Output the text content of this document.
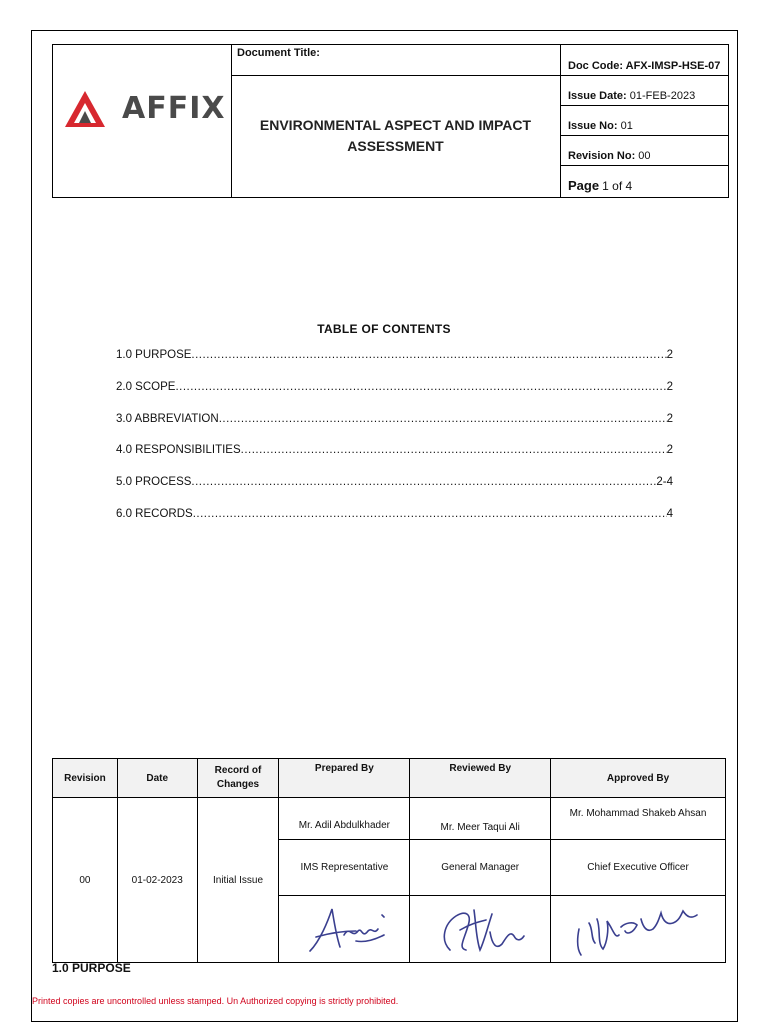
AFFIX
Document Title:
ENVIRONMENTAL ASPECT AND IMPACT
ASSESSMENT
Doc Code: AFX-IMSP-HSE-07
Issue Date: 01-FEB-2023
Issue No: 01
Revision No: 00
Page 1 of 4
TABLE OF CONTENTS
1.0 PURPOSE .....	2
2.0 SCOPE .....	2
3.0 ABBREVIATION .....	2
4.0 RESPONSIBILITIES .....	2
5.0 PROCESS .....	2-4
6.0 RECORDS .....	4
Revision	Date	Record of Changes	Prepared By	Reviewed By	Approved By
00	01-02-2023	Initial Issue	Mr. Adil Abdulkhader	Mr. Meer Taqui Ali	Mr. Mohammad Shakeb Ahsan
			IMS Representative	General Manager	Chief Executive Officer

1.0 PURPOSE
Printed copies are uncontrolled unless stamped. Un Authorized copying is strictly prohibited.
